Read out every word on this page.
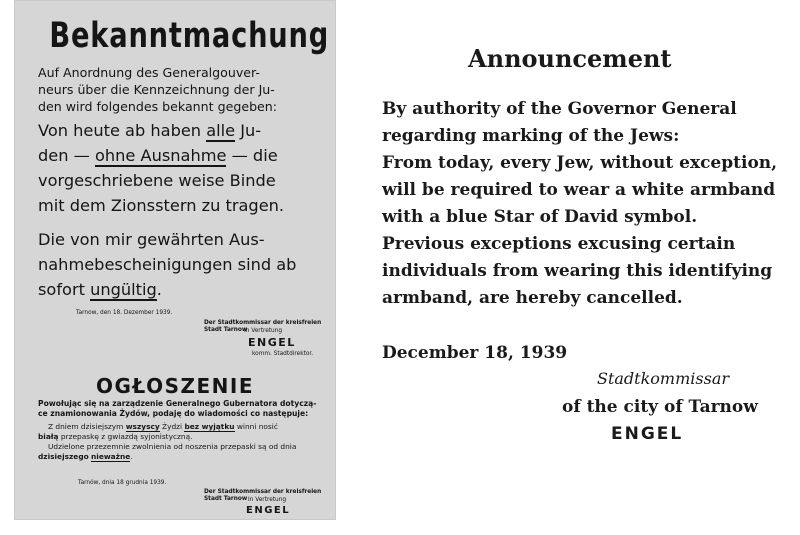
Bekanntmachung
Auf Anordnung des Generalgouver-
neurs über die Kennzeichnung der Ju-
den wird folgendes bekannt gegeben:
Von heute ab haben alle Ju-
den — ohne Ausnahme — die
vorgeschriebene weise Binde
mit dem Zionsstern zu tragen.
Die von mir gewährten Aus-
nahmebescheinigungen sind ab
sofort ungültig.
Tarnow, den 18. Dezember 1939.
Der Stadtkommissar der kreisfreien Stadt Tarnow
In Vertretung
ENGEL
komm. Stadtdirektor.
OGŁOSZENIE
Powołując się na zarządzenie Generalnego Gubernatora dotyczą-
ce znamionowania Żydów, podaję do wiadomości co następuje:
Z dniem dzisiejszym wszyscy Żydzi bez wyjątku winni nosić
białą przepaskę z gwiazdą syjonistyczną.
Udzielone przezemnie zwolnienia od noszenia przepaski są od dnia
dzisiejszego nieważne.
Tarnów, dnia 18 grudnia 1939.
Der Stadtkommissar der kreisfreien Stadt Tarnow In Vertretung
ENGEL
Announcement
By authority of the Governor General
regarding marking of the Jews:
From today, every Jew, without exception,
will be required to wear a white armband
with a blue Star of David symbol.
Previous exceptions excusing certain
individuals from wearing this identifying
armband, are hereby cancelled.
December 18, 1939
Stadtkommissar
of the city of Tarnow
ENGEL
